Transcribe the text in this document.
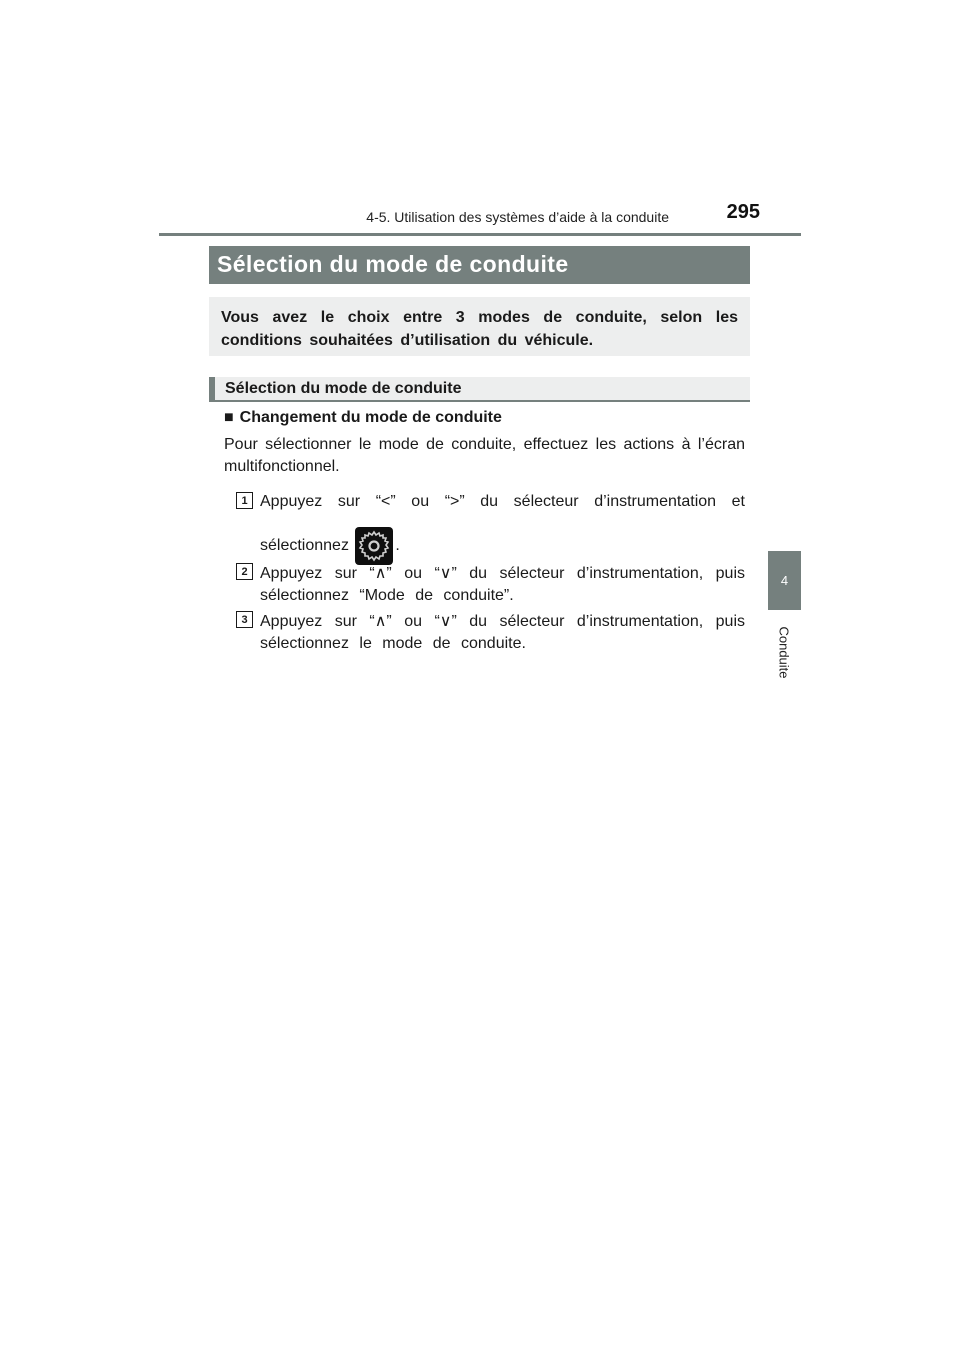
4-5. Utilisation des systèmes d’aide à la conduite	295
4
Conduite
Sélection du mode de conduite
Vous avez le choix entre 3 modes de conduite, selon les conditions souhaitées d’utilisation du véhicule.
Sélection du mode de conduite
■ Changement du mode de conduite
Pour sélectionner le mode de conduite, effectuez les actions à l’écran multifonctionnel.
1 Appuyez sur “<” ou “>” du sélecteur d’instrumentation et
sélectionnez	.
2 Appuyez sur “∧” ou “∨” du sélecteur d’instrumentation, puis sélectionnez “Mode de conduite”.
3 Appuyez sur “∧” ou “∨” du sélecteur d’instrumentation, puis sélectionnez le mode de conduite.
